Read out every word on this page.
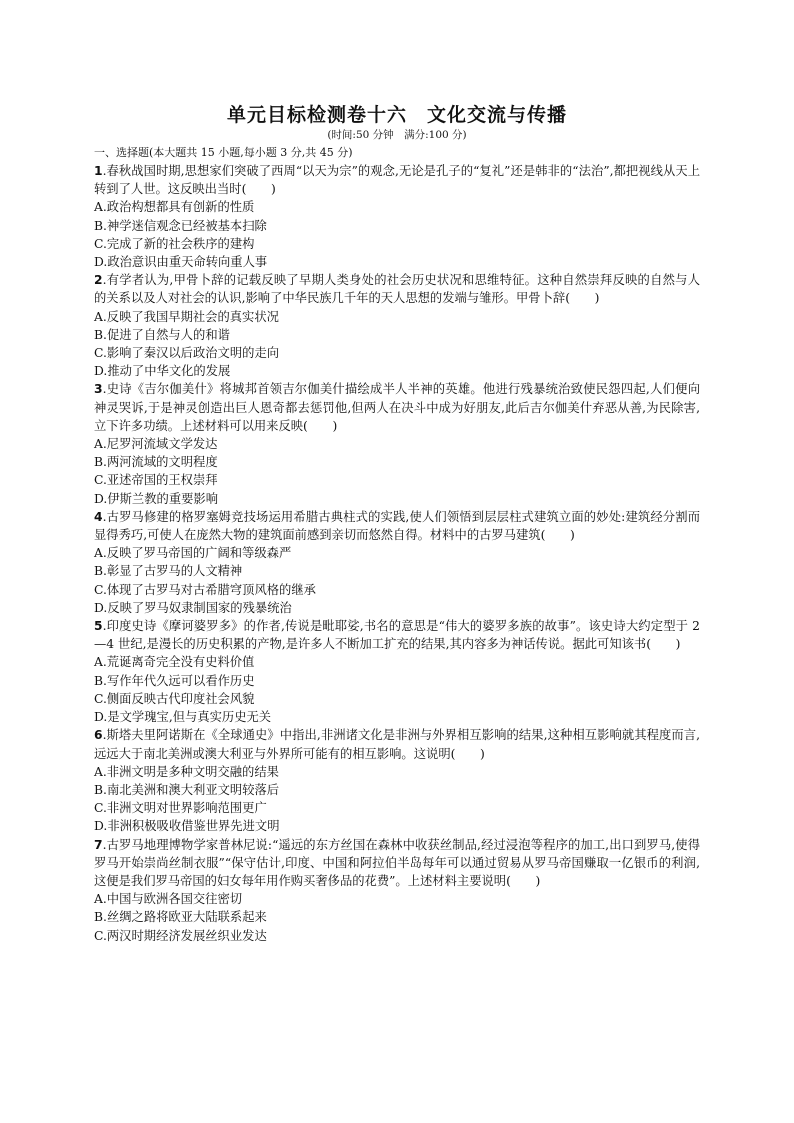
单元目标检测卷十六　文化交流与传播
(时间:50 分钟　满分:100 分)
一、选择题(本大题共 15 小题,每小题 3 分,共 45 分)
1.春秋战国时期,思想家们突破了西周“以天为宗”的观念,无论是孔子的“复礼”还是韩非的“法治”,都把视线从天上转到了人世。这反映出当时(　　)
A.政治构想都具有创新的性质
B.神学迷信观念已经被基本扫除
C.完成了新的社会秩序的建构
D.政治意识由重天命转向重人事
2.有学者认为,甲骨卜辞的记载反映了早期人类身处的社会历史状况和思维特征。这种自然崇拜反映的自然与人的关系以及人对社会的认识,影响了中华民族几千年的天人思想的发端与雏形。甲骨卜辞(　　)
A.反映了我国早期社会的真实状况
B.促进了自然与人的和谐
C.影响了秦汉以后政治文明的走向
D.推动了中华文化的发展
3.史诗《吉尔伽美什》将城邦首领吉尔伽美什描绘成半人半神的英雄。他进行残暴统治致使民怨四起,人们便向神灵哭诉,于是神灵创造出巨人恩奇都去惩罚他,但两人在决斗中成为好朋友,此后吉尔伽美什弃恶从善,为民除害,立下许多功绩。上述材料可以用来反映(　　)
A.尼罗河流域文学发达
B.两河流域的文明程度
C.亚述帝国的王权崇拜
D.伊斯兰教的重要影响
4.古罗马修建的格罗塞姆竞技场运用希腊古典柱式的实践,使人们领悟到层层柱式建筑立面的妙处:建筑经分割而显得秀巧,可使人在庞然大物的建筑面前感到亲切而悠然自得。材料中的古罗马建筑(　　)
A.反映了罗马帝国的广阔和等级森严
B.彰显了古罗马的人文精神
C.体现了古罗马对古希腊穹顶风格的继承
D.反映了罗马奴隶制国家的残暴统治
5.印度史诗《摩诃婆罗多》的作者,传说是毗耶娑,书名的意思是“伟大的婆罗多族的故事”。该史诗大约定型于 2—4 世纪,是漫长的历史积累的产物,是许多人不断加工扩充的结果,其内容多为神话传说。据此可知该书(　　)
A.荒诞离奇完全没有史料价值
B.写作年代久远可以看作历史
C.侧面反映古代印度社会风貌
D.是文学瑰宝,但与真实历史无关
6.斯塔夫里阿诺斯在《全球通史》中指出,非洲诸文化是非洲与外界相互影响的结果,这种相互影响就其程度而言,远远大于南北美洲或澳大利亚与外界所可能有的相互影响。这说明(　　)
A.非洲文明是多种文明交融的结果
B.南北美洲和澳大利亚文明较落后
C.非洲文明对世界影响范围更广
D.非洲积极吸收借鉴世界先进文明
7.古罗马地理博物学家普林尼说:“遥远的东方丝国在森林中收获丝制品,经过浸泡等程序的加工,出口到罗马,使得罗马开始崇尚丝制衣服”“保守估计,印度、中国和阿拉伯半岛每年可以通过贸易从罗马帝国赚取一亿银币的利润,这便是我们罗马帝国的妇女每年用作购买奢侈品的花费”。上述材料主要说明(　　)
A.中国与欧洲各国交往密切
B.丝绸之路将欧亚大陆联系起来
C.两汉时期经济发展丝织业发达
